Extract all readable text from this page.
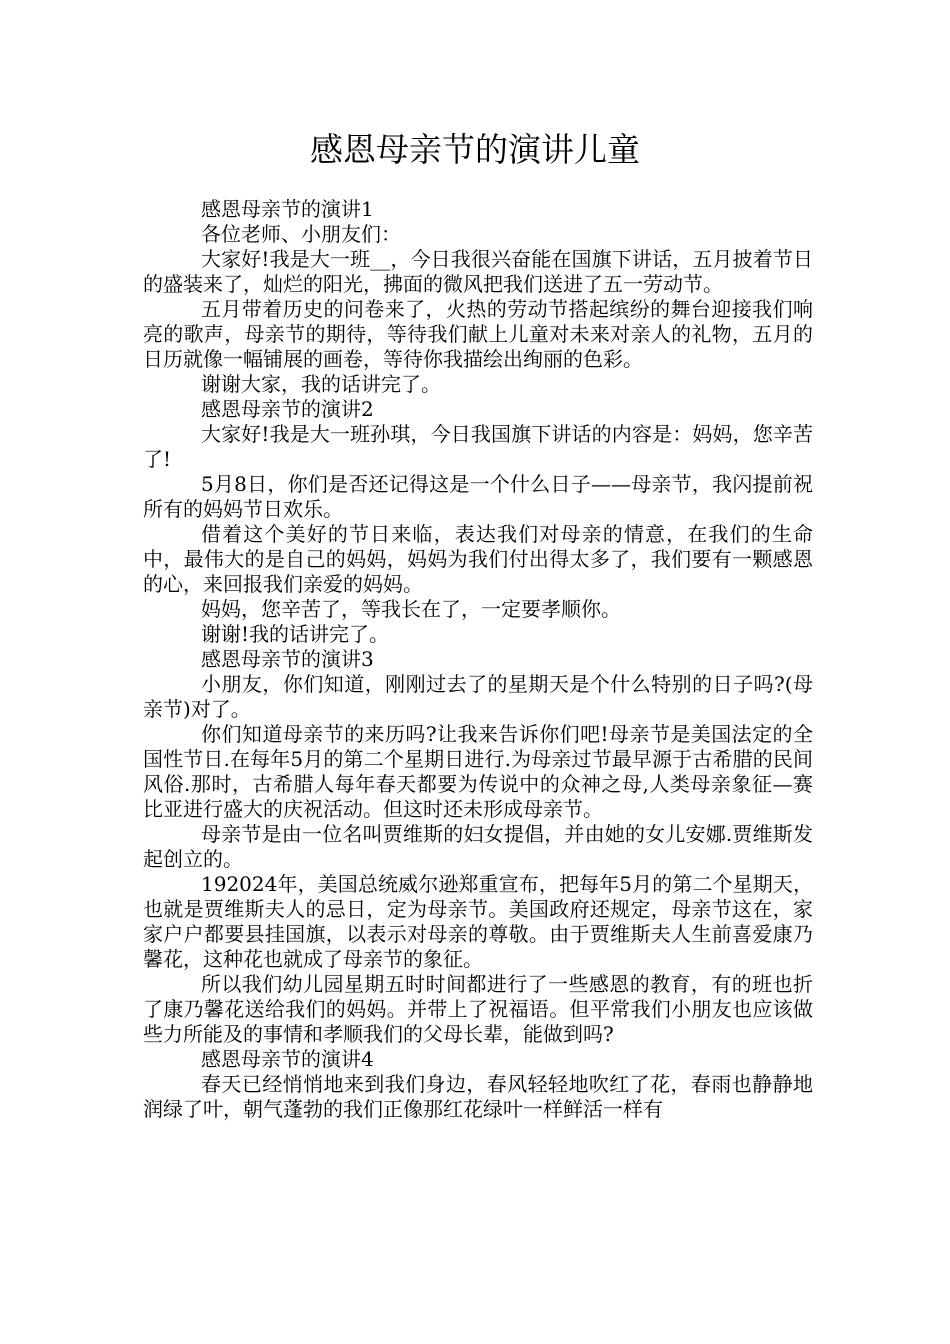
感恩母亲节的演讲儿童

感恩母亲节的演讲1

各位老师、小朋友们：

大家好!我是大一班__，今日我很兴奋能在国旗下讲话，五月披着节日的盛装来了，灿烂的阳光，拂面的微风把我们送进了五一劳动节。

五月带着历史的问卷来了，火热的劳动节搭起缤纷的舞台迎接我们响亮的歌声，母亲节的期待，等待我们献上儿童对未来对亲人的礼物，五月的日历就像一幅铺展的画卷，等待你我描绘出绚丽的色彩。

谢谢大家，我的话讲完了。

感恩母亲节的演讲2

大家好!我是大一班孙琪，今日我国旗下讲话的内容是：妈妈，您辛苦了!

5月8日，你们是否还记得这是一个什么日子——母亲节，我闪提前祝所有的妈妈节日欢乐。

借着这个美好的节日来临，表达我们对母亲的情意，在我们的生命中，最伟大的是自己的妈妈，妈妈为我们付出得太多了，我们要有一颗感恩的心，来回报我们亲爱的妈妈。

妈妈，您辛苦了，等我长在了，一定要孝顺你。

谢谢!我的话讲完了。

感恩母亲节的演讲3

小朋友，你们知道，刚刚过去了的星期天是个什么特别的日子吗?(母亲节)对了。

你们知道母亲节的来历吗?让我来告诉你们吧!母亲节是美国法定的全国性节日.在每年5月的第二个星期日进行.为母亲过节最早源于古希腊的民间风俗.那时，古希腊人每年春天都要为传说中的众神之母,人类母亲象征—赛比亚进行盛大的庆祝活动。但这时还未形成母亲节。

母亲节是由一位名叫贾维斯的妇女提倡，并由她的女儿安娜.贾维斯发起创立的。

192024年，美国总统威尔逊郑重宣布，把每年5月的第二个星期天，也就是贾维斯夫人的忌日，定为母亲节。美国政府还规定，母亲节这在，家家户户都要县挂国旗，以表示对母亲的尊敬。由于贾维斯夫人生前喜爱康乃馨花，这种花也就成了母亲节的象征。

所以我们幼儿园星期五时时间都进行了一些感恩的教育，有的班也折了康乃馨花送给我们的妈妈。并带上了祝福语。但平常我们小朋友也应该做些力所能及的事情和孝顺我们的父母长辈，能做到吗?

感恩母亲节的演讲4

春天已经悄悄地来到我们身边，春风轻轻地吹红了花，春雨也静静地润绿了叶，朝气蓬勃的我们正像那红花绿叶一样鲜活一样有
